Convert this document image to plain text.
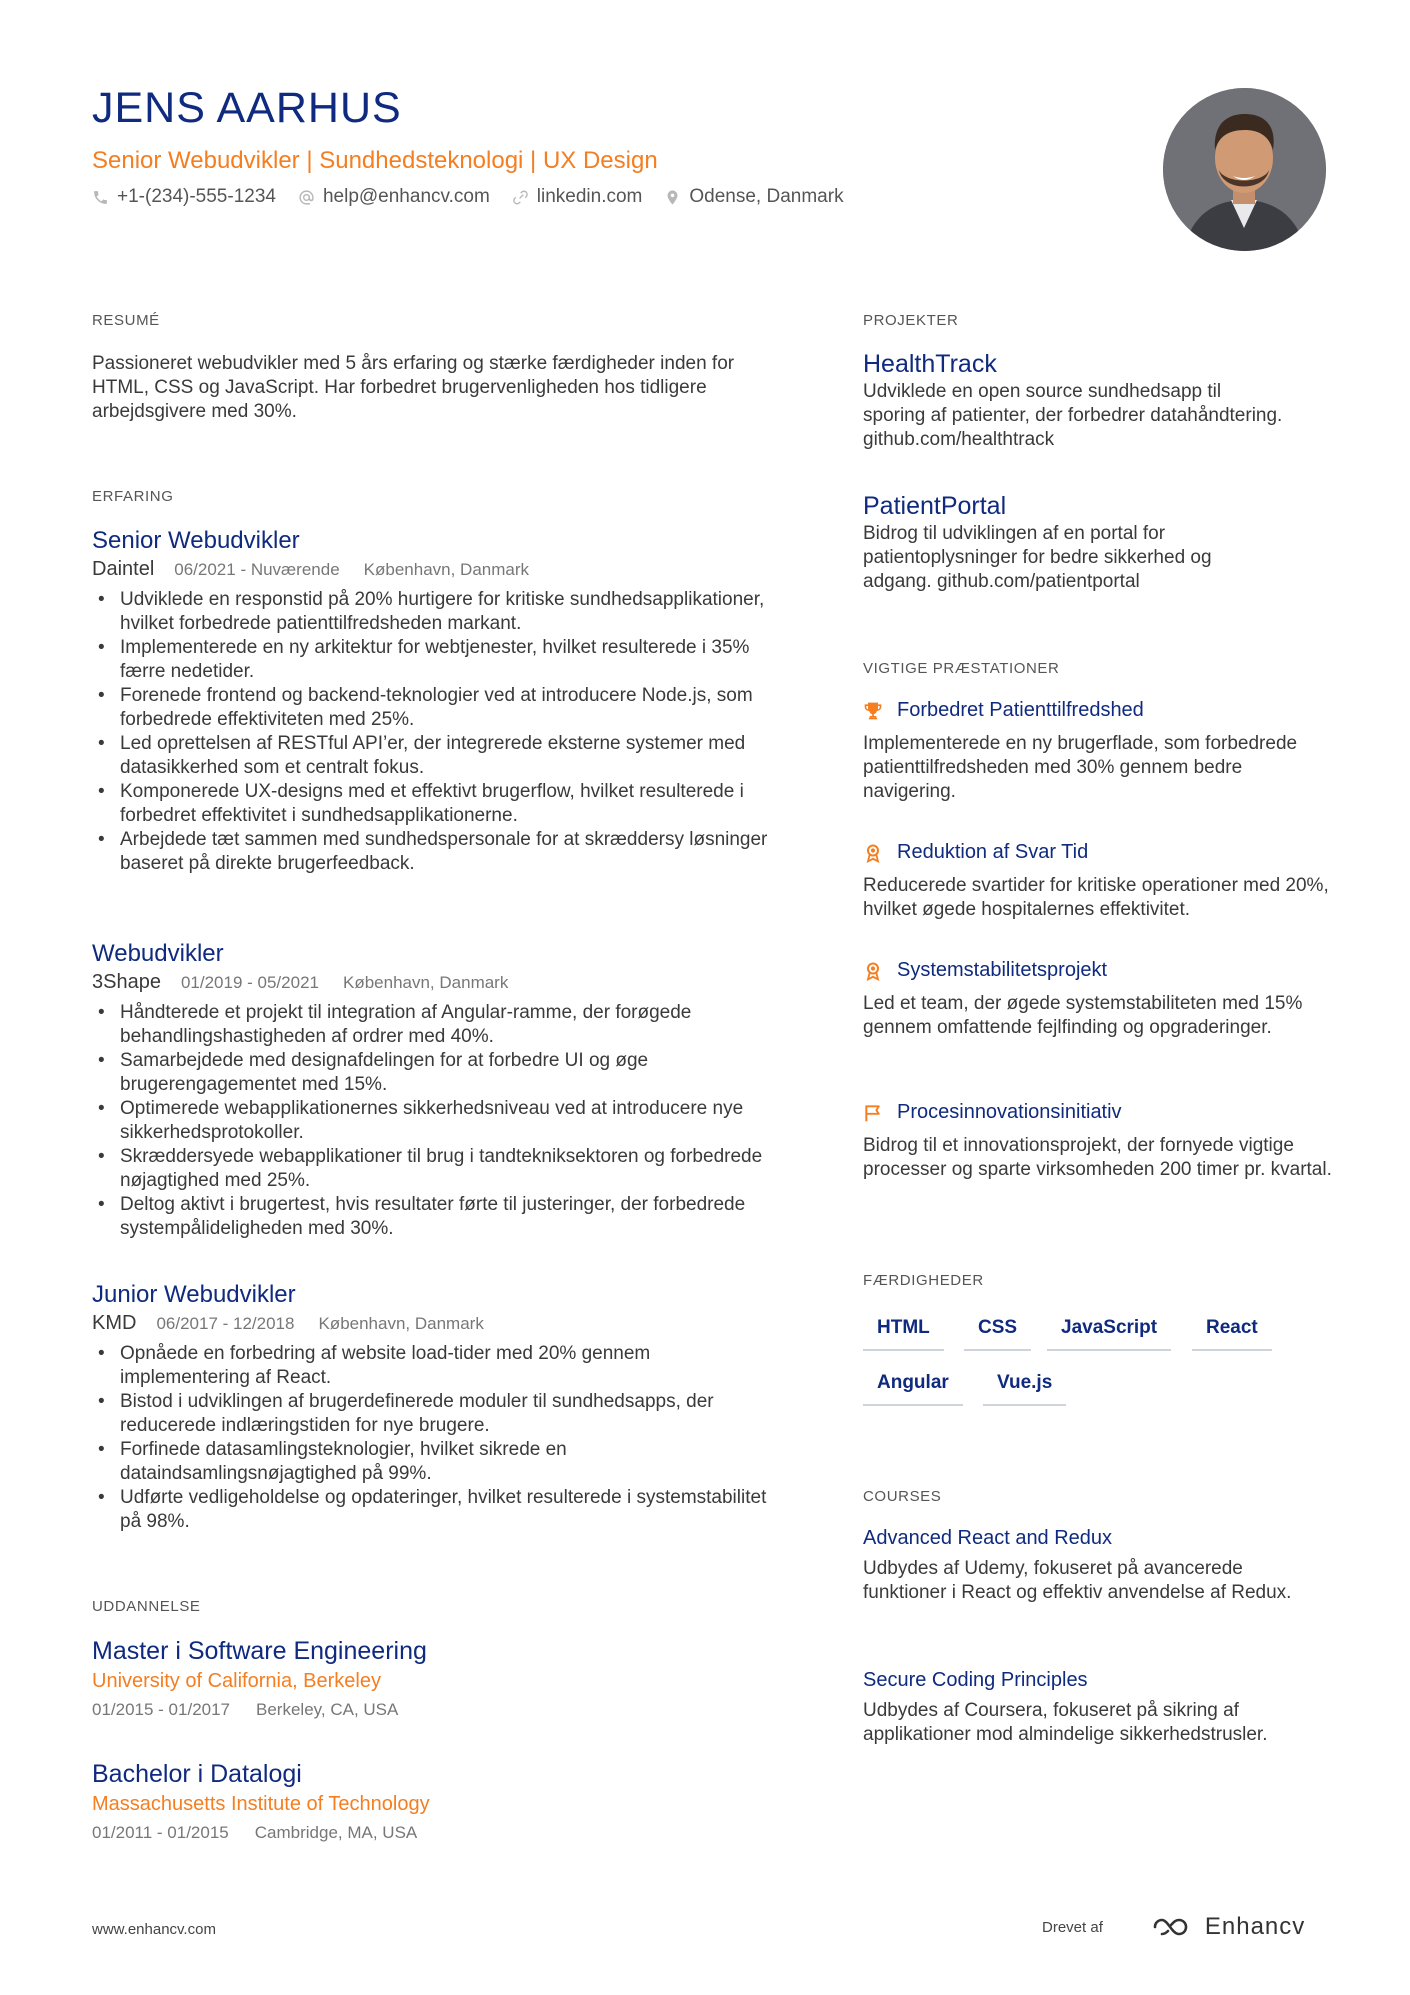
JENS AARHUS
Senior Webudvikler | Sundhedsteknologi | UX Design
+1-(234)-555-1234 help@enhancv.com linkedin.com Odense, Danmark
RESUMÉ

Passioneret webudvikler med 5 års erfaring og stærke færdigheder inden for HTML, CSS og JavaScript. Har forbedret brugervenligheden hos tidligere arbejdsgivere med 30%.

ERFARING
Senior Webudvikler
Daintel 06/2021 - Nuværende København, Danmark
• Udviklede en responstid på 20% hurtigere for kritiske sundhedsapplikationer, hvilket forbedrede patienttilfredsheden markant.
• Implementerede en ny arkitektur for webtjenester, hvilket resulterede i 35% færre nedetider.
• Forenede frontend og backend-teknologier ved at introducere Node.js, som forbedrede effektiviteten med 25%.
• Led oprettelsen af RESTful API’er, der integrerede eksterne systemer med datasikkerhed som et centralt fokus.
• Komponerede UX-designs med et effektivt brugerflow, hvilket resulterede i forbedret effektivitet i sundhedsapplikationerne.
• Arbejdede tæt sammen med sundhedspersonale for at skræddersy løsninger baseret på direkte brugerfeedback.
Webudvikler
3Shape 01/2019 - 05/2021 København, Danmark
• Håndterede et projekt til integration af Angular-ramme, der forøgede behandlingshastigheden af ordrer med 40%.
• Samarbejdede med designafdelingen for at forbedre UI og øge brugerengagementet med 15%.
• Optimerede webapplikationernes sikkerhedsniveau ved at introducere nye sikkerhedsprotokoller.
• Skræddersyede webapplikationer til brug i tandtekniksektoren og forbedrede nøjagtighed med 25%.
• Deltog aktivt i brugertest, hvis resultater førte til justeringer, der forbedrede systempålideligheden med 30%.
Junior Webudvikler
KMD 06/2017 - 12/2018 København, Danmark
• Opnåede en forbedring af website load-tider med 20% gennem implementering af React.
• Bistod i udviklingen af brugerdefinerede moduler til sundhedsapps, der reducerede indlæringstiden for nye brugere.
• Forfinede datasamlingsteknologier, hvilket sikrede en dataindsamlingsnøjagtighed på 99%.
• Udførte vedligeholdelse og opdateringer, hvilket resulterede i systemstabilitet på 98%.
UDDANNELSE
Master i Software Engineering
University of California, Berkeley
01/2015 - 01/2017 Berkeley, CA, USA
Bachelor i Datalogi
Massachusetts Institute of Technology
01/2011 - 01/2015 Cambridge, MA, USA
PROJEKTER
HealthTrack

Udviklede en open source sundhedsapp til sporing af patienter, der forbedrer datahåndtering. github.com/healthtrack

PatientPortal

Bidrog til udviklingen af en portal for patientoplysninger for bedre sikkerhed og adgang. github.com/patientportal

VIGTIGE PRÆSTATIONER
Forbedret Patienttilfredshed

Implementerede en ny brugerflade, som forbedrede patienttilfredsheden med 30% gennem bedre navigering.

Reduktion af Svar Tid

Reducerede svartider for kritiske operationer med 20%, hvilket øgede hospitalernes effektivitet.

Systemstabilitetsprojekt

Led et team, der øgede systemstabiliteten med 15% gennem omfattende fejlfinding og opgraderinger.

Procesinnovationsinitiativ

Bidrog til et innovationsprojekt, der fornyede vigtige processer og sparte virksomheden 200 timer pr. kvartal.

FÆRDIGHEDER
HTML	CSS	JavaScript	React
Angular	Vue.js
COURSES
Advanced React and Redux

Udbydes af Udemy, fokuseret på avancerede funktioner i React og effektiv anvendelse af Redux.

Secure Coding Principles

Udbydes af Coursera, fokuseret på sikring af applikationer mod almindelige sikkerhedstrusler.

www.enhancv.com	Drevet af	Enhancv
